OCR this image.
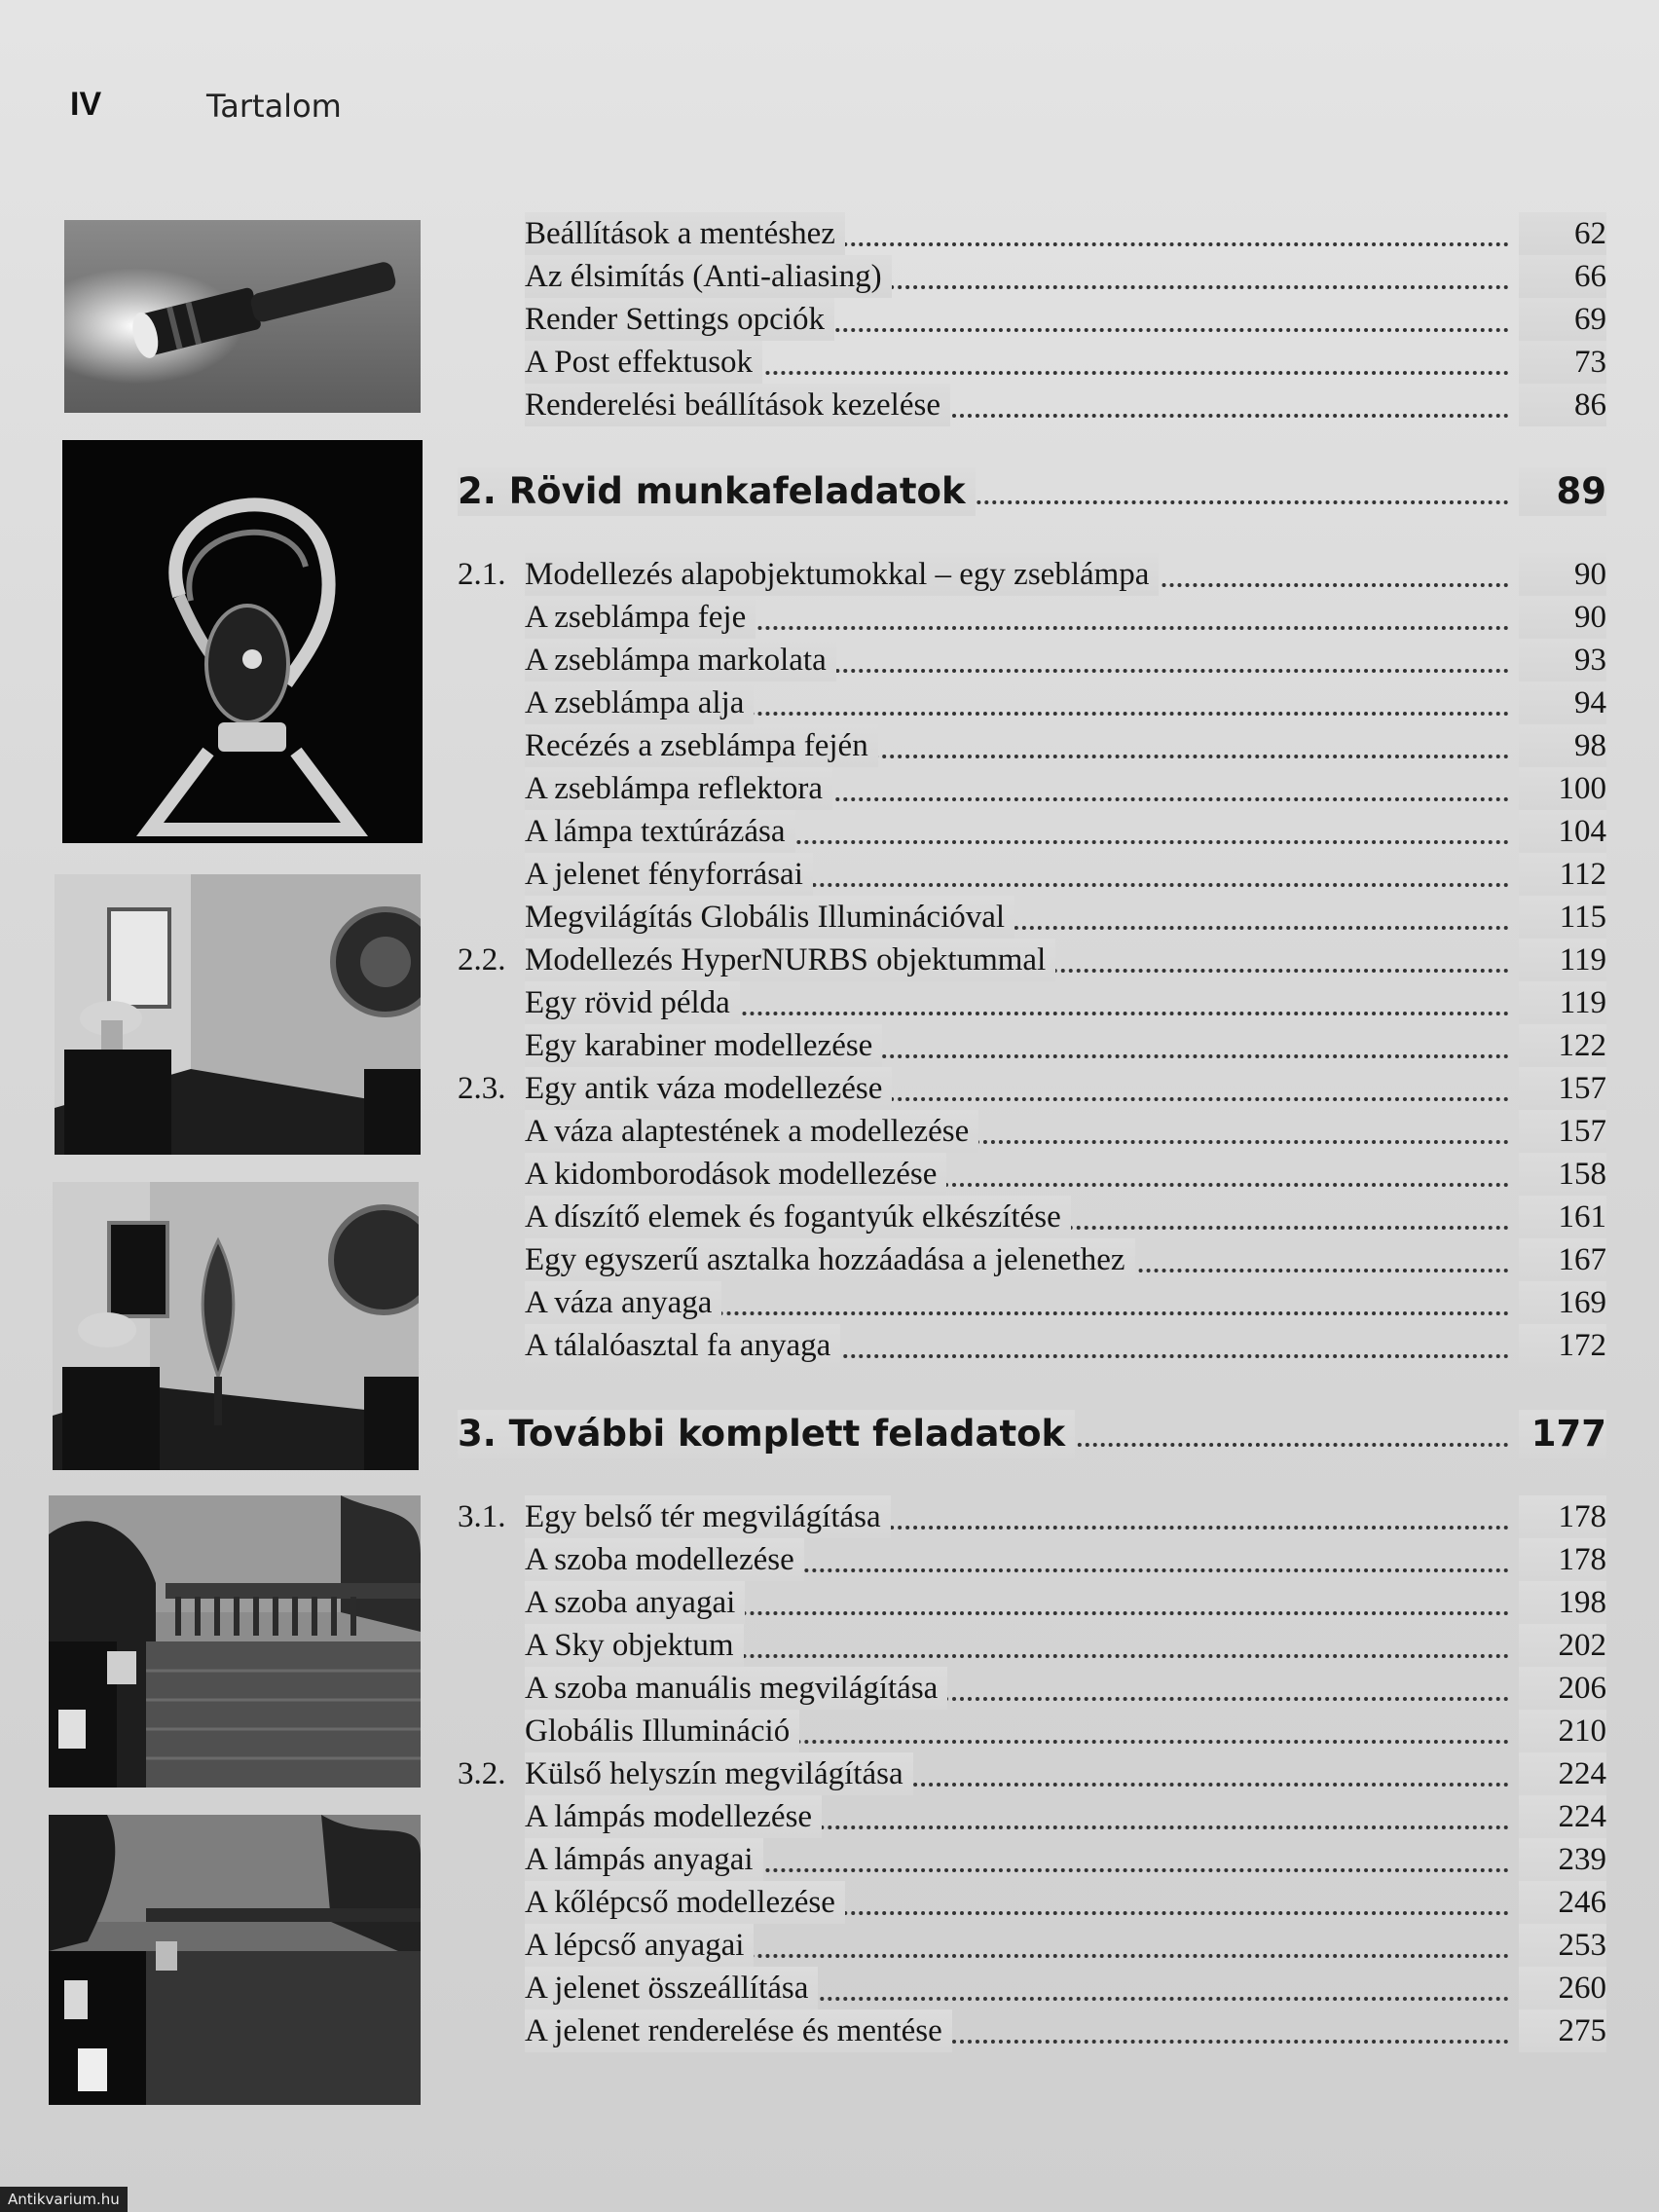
IV	Tartalom
Beállítások a mentéshez	62
Az élsimítás (Anti-aliasing)	66
Render Settings opciók	69
A Post effektusok	73
Renderelési beállítások kezelése	86
2. Rövid munkafeladatok	89
2.1. Modellezés alapobjektumokkal – egy zseblámpa	90
A zseblámpa feje	90
A zseblámpa markolata	93
A zseblámpa alja	94
Recézés a zseblámpa fején	98
A zseblámpa reflektora	100
A lámpa textúrázása	104
A jelenet fényforrásai	112
Megvilágítás Globális Illuminációval	115
2.2. Modellezés HyperNURBS objektummal	119
Egy rövid példa	119
Egy karabiner modellezése	122
2.3. Egy antik váza modellezése	157
A váza alaptestének a modellezése	157
A kidomborodások modellezése	158
A díszítő elemek és fogantyúk elkészítése	161
Egy egyszerű asztalka hozzáadása a jelenethez	167
A váza anyaga	169
A tálalóasztal fa anyaga	172
3. További komplett feladatok	177
3.1. Egy belső tér megvilágítása	178
A szoba modellezése	178
A szoba anyagai	198
A Sky objektum	202
A szoba manuális megvilágítása	206
Globális Illumináció	210
3.2. Külső helyszín megvilágítása	224
A lámpás modellezése	224
A lámpás anyagai	239
A kőlépcső modellezése	246
A lépcső anyagai	253
A jelenet összeállítása	260
A jelenet renderelése és mentése	275
Antikvarium.hu
